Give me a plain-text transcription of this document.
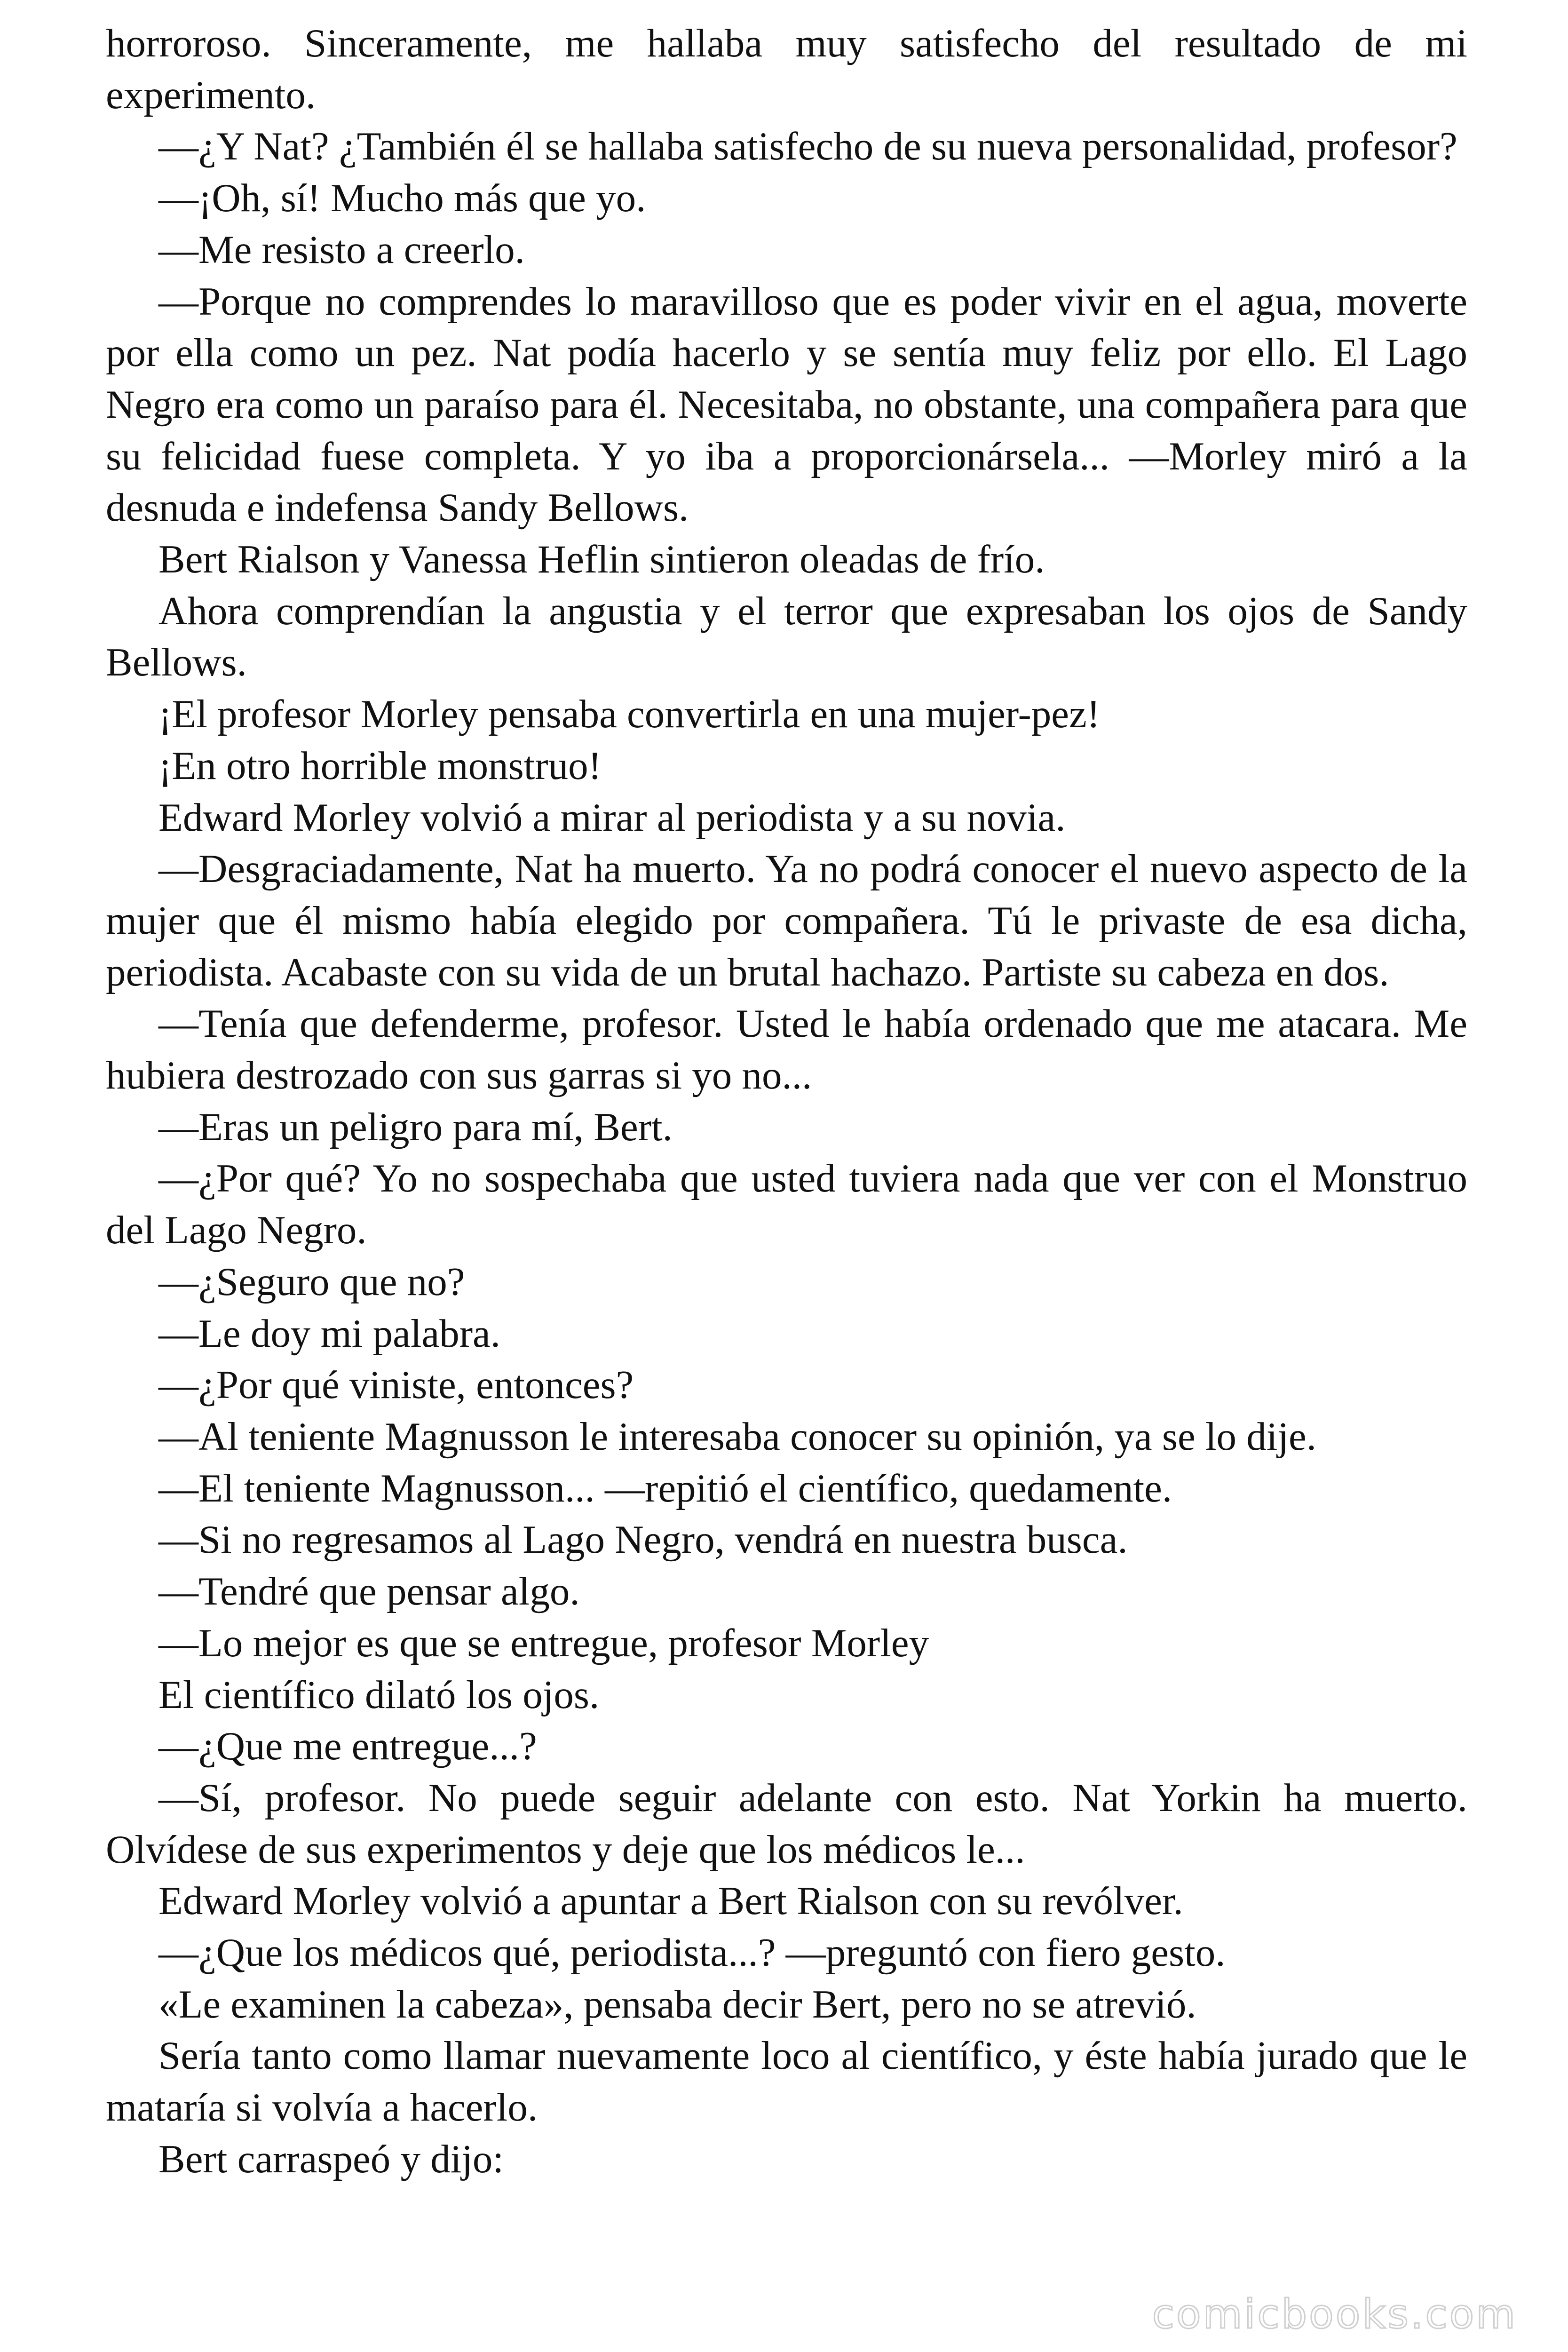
horroroso. Sinceramente, me hallaba muy satisfecho del resultado de mi experimento.

—¿Y Nat? ¿También él se hallaba satisfecho de su nueva personalidad, profesor?

—¡Oh, sí! Mucho más que yo.

—Me resisto a creerlo.

—Porque no comprendes lo maravilloso que es poder vivir en el agua, moverte por ella como un pez. Nat podía hacerlo y se sentía muy feliz por ello. El Lago Negro era como un paraíso para él. Necesitaba, no obstante, una compañera para que su felicidad fuese completa. Y yo iba a proporcionársela... —Morley miró a la desnuda e indefensa Sandy Bellows.

Bert Rialson y Vanessa Heflin sintieron oleadas de frío.

Ahora comprendían la angustia y el terror que expresaban los ojos de Sandy Bellows.

¡El profesor Morley pensaba convertirla en una mujer-pez!

¡En otro horrible monstruo!

Edward Morley volvió a mirar al periodista y a su novia.

—Desgraciadamente, Nat ha muerto. Ya no podrá conocer el nuevo aspecto de la mujer que él mismo había elegido por compañera. Tú le privaste de esa dicha, periodista. Acabaste con su vida de un brutal hachazo. Partiste su cabeza en dos.

—Tenía que defenderme, profesor. Usted le había ordenado que me atacara. Me hubiera destrozado con sus garras si yo no...

—Eras un peligro para mí, Bert.

—¿Por qué? Yo no sospechaba que usted tuviera nada que ver con el Monstruo del Lago Negro.

—¿Seguro que no?

—Le doy mi palabra.

—¿Por qué viniste, entonces?

—Al teniente Magnusson le interesaba conocer su opinión, ya se lo dije.

—El teniente Magnusson... —repitió el científico, quedamente.

—Si no regresamos al Lago Negro, vendrá en nuestra busca.

—Tendré que pensar algo.

—Lo mejor es que se entregue, profesor Morley

El científico dilató los ojos.

—¿Que me entregue...?

—Sí, profesor. No puede seguir adelante con esto. Nat Yorkin ha muerto. Olvídese de sus experimentos y deje que los médicos le...

Edward Morley volvió a apuntar a Bert Rialson con su revólver.

—¿Que los médicos qué, periodista...? —preguntó con fiero gesto.

«Le examinen la cabeza», pensaba decir Bert, pero no se atrevió.

Sería tanto como llamar nuevamente loco al científico, y éste había jurado que le mataría si volvía a hacerlo.

Bert carraspeó y dijo:

comicbooks.com
